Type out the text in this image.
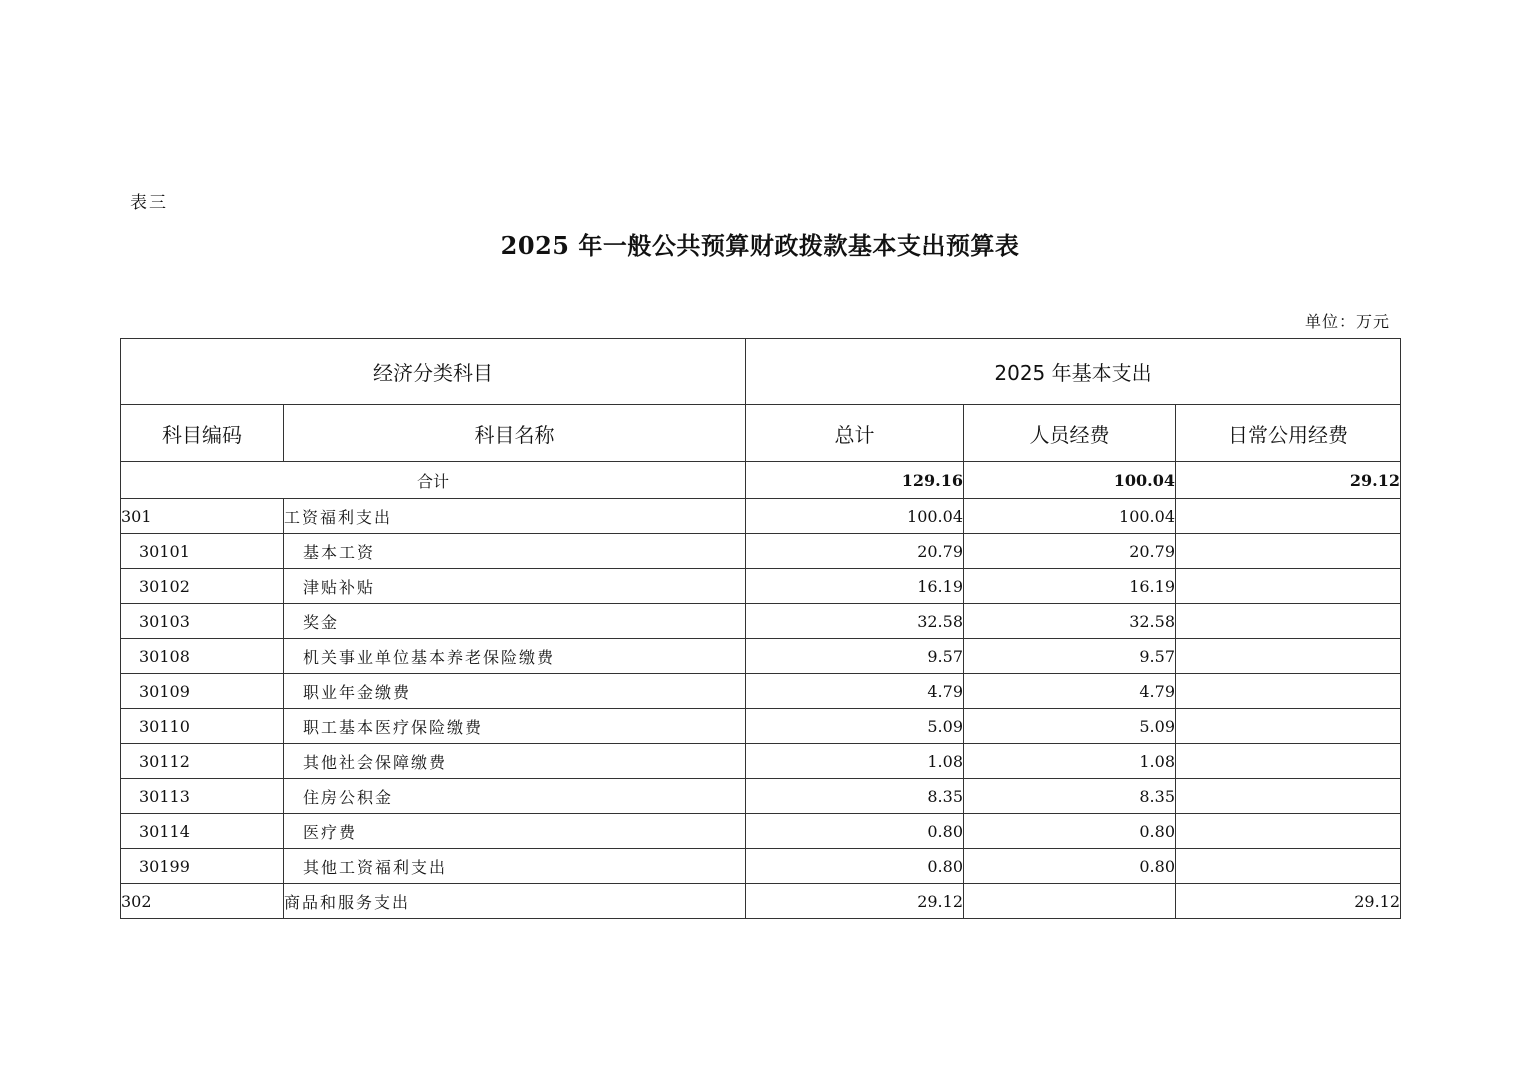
表三
2025 年一般公共预算财政拨款基本支出预算表
单位：万元
经济分类科目		2025 年基本支出		
科目编码	科目名称	总计	人员经费	日常公用经费
合计		129.16	100.04	29.12
301	工资福利支出	100.04	100.04	
30101	基本工资	20.79	20.79	
30102	津贴补贴	16.19	16.19	
30103	奖金	32.58	32.58	
30108	机关事业单位基本养老保险缴费	9.57	9.57	
30109	职业年金缴费	4.79	4.79	
30110	职工基本医疗保险缴费	5.09	5.09	
30112	其他社会保障缴费	1.08	1.08	
30113	住房公积金	8.35	8.35	
30114	医疗费	0.80	0.80	
30199	其他工资福利支出	0.80	0.80	
302	商品和服务支出	29.12		29.12
